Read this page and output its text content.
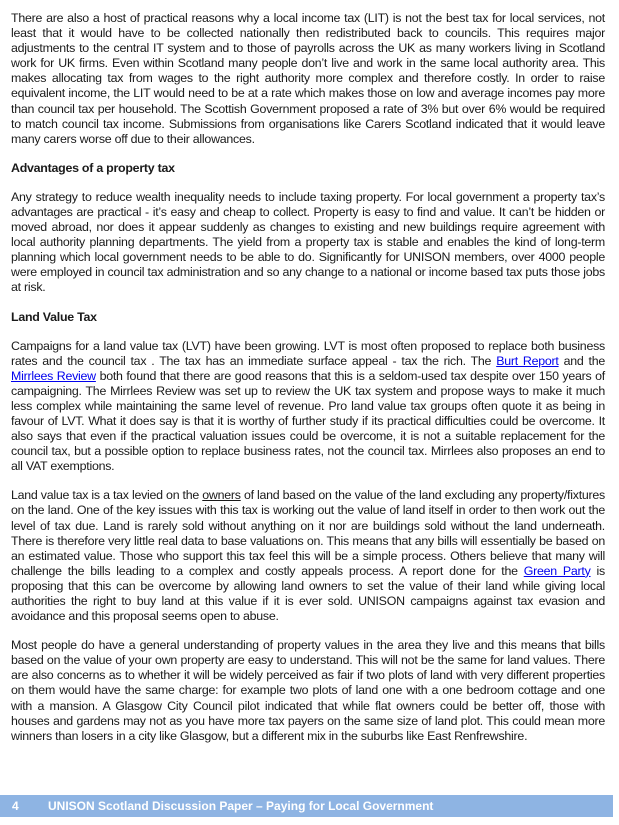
There are also a host of practical reasons why a local income tax (LIT) is not the best tax for local services, not least that it would have to be collected nationally then redistributed back to councils. This requires major adjustments to the central IT system and to those of payrolls across the UK as many workers living in Scotland work for UK firms. Even within Scotland many people don’t live and work in the same local authority area. This makes allocating tax from wages to the right authority more complex and therefore costly. In order to raise equivalent income, the LIT would need to be at a rate which makes those on low and average incomes pay more than council tax per household. The Scottish Government proposed a rate of 3% but over 6% would be required to match council tax income. Submissions from organisations like Carers Scotland indicated that it would leave many carers worse off due to their allowances.

Advantages of a property tax

Any strategy to reduce wealth inequality needs to include taxing property. For local government a property tax’s advantages are practical - it’s easy and cheap to collect. Property is easy to find and value. It can’t be hidden or moved abroad, nor does it appear suddenly as changes to existing and new buildings require agreement with local authority planning departments. The yield from a property tax is stable and enables the kind of long-term planning which local government needs to be able to do. Significantly for UNISON members, over 4000 people were employed in council tax administration and so any change to a national or income based tax puts those jobs at risk.

Land Value Tax

Campaigns for a land value tax (LVT) have been growing. LVT is most often proposed to replace both business rates and the council tax . The tax has an immediate surface appeal - tax the rich. The Burt Report and the Mirrlees Review both found that there are good reasons that this is a seldom-used tax despite over 150 years of campaigning. The Mirrlees Review was set up to review the UK tax system and propose ways to make it much less complex while maintaining the same level of revenue. Pro land value tax groups often quote it as being in favour of LVT. What it does say is that it is worthy of further study if its practical difficulties could be overcome. It also says that even if the practical valuation issues could be overcome, it is not a suitable replacement for the council tax, but a possible option to replace business rates, not the council tax. Mirrlees also proposes an end to all VAT exemptions.

Land value tax is a tax levied on the owners of land based on the value of the land excluding any property/fixtures on the land. One of the key issues with this tax is working out the value of land itself in order to then work out the level of tax due. Land is rarely sold without anything on it nor are buildings sold without the land underneath. There is therefore very little real data to base valuations on. This means that any bills will essentially be based on an estimated value. Those who support this tax feel this will be a simple process. Others believe that many will challenge the bills leading to a complex and costly appeals process. A report done for the Green Party is proposing that this can be overcome by allowing land owners to set the value of their land while giving local authorities the right to buy land at this value if it is ever sold. UNISON campaigns against tax evasion and avoidance and this proposal seems open to abuse.

Most people do have a general understanding of property values in the area they live and this means that bills based on the value of your own property are easy to understand. This will not be the same for land values. There are also concerns as to whether it will be widely perceived as fair if two plots of land with very different properties on them would have the same charge: for example two plots of land one with a one bedroom cottage and one with a mansion. A Glasgow City Council pilot indicated that while flat owners could be better off, those with houses and gardens may not as you have more tax payers on the same size of land plot. This could mean more winners than losers in a city like Glasgow, but a different mix in the suburbs like East Renfrewshire.

4	UNISON Scotland Discussion Paper – Paying for Local Government
